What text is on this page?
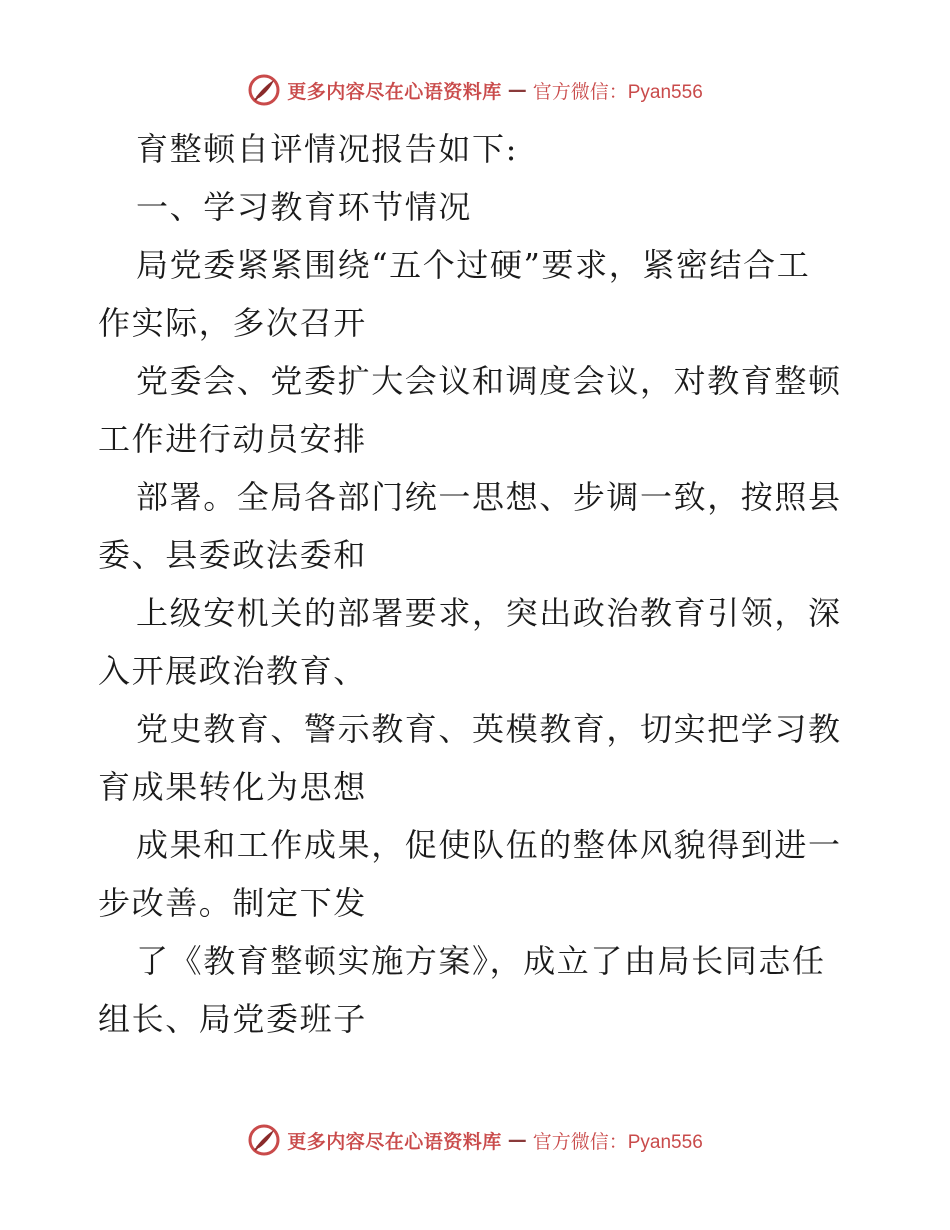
更多内容尽在心语资料库 — 官方微信：Pyan556
育整顿自评情况报告如下:
一、学习教育环节情况
局党委紧紧围绕“五个过硬”要求，紧密结合工
作实际，多次召开
党委会、党委扩大会议和调度会议，对教育整顿
工作进行动员安排
部署。全局各部门统一思想、步调一致，按照县
委、县委政法委和
上级安机关的部署要求，突出政治教育引领，深
入开展政治教育、
党史教育、警示教育、英模教育，切实把学习教
育成果转化为思想
成果和工作成果，促使队伍的整体风貌得到进一
步改善。制定下发
了《教育整顿实施方案》，成立了由局长同志任
组长、局党委班子
更多内容尽在心语资料库 — 官方微信：Pyan556
